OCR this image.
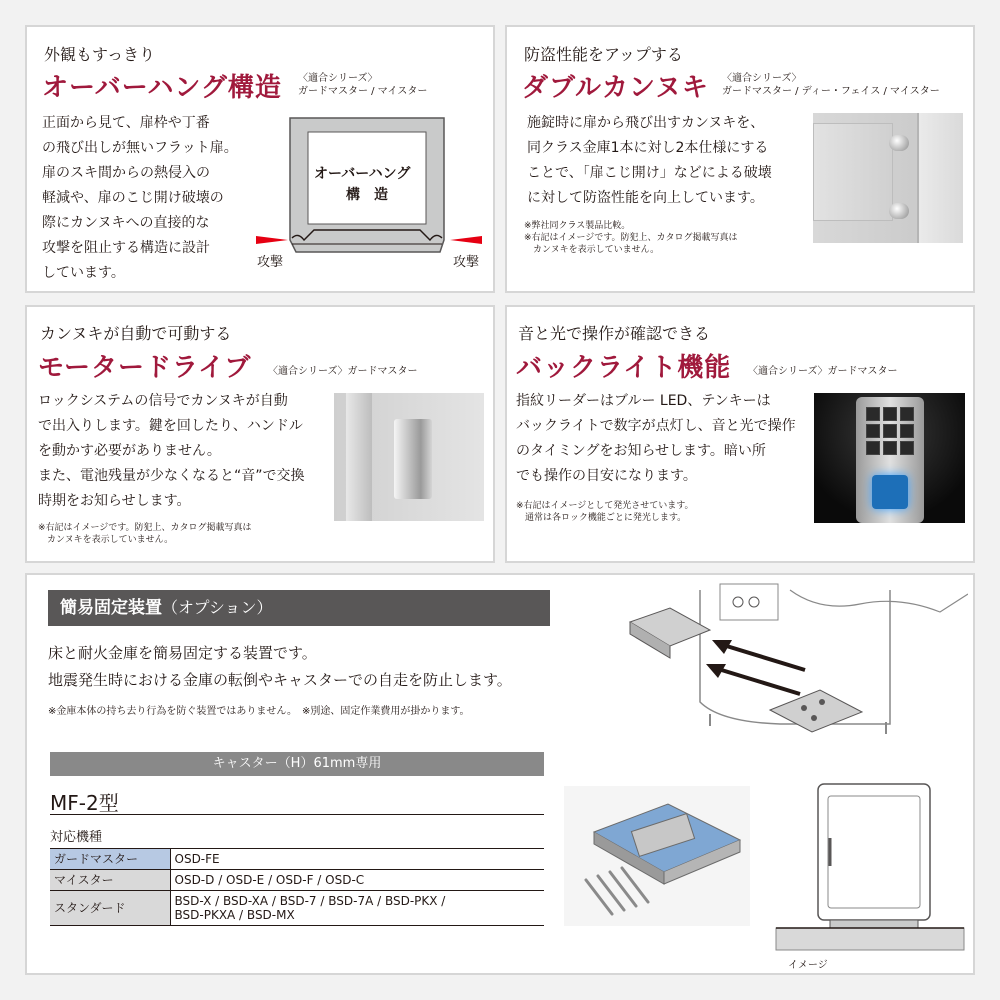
外観もすっきり
オーバーハング構造 〈適合シリーズ〉
ガードマスター / マイスター
正面から見て、扉枠や丁番
の飛び出しが無いフラット扉。
扉のスキ間からの熱侵入の
軽減や、扉のこじ開け破壊の
際にカンヌキへの直接的な
攻撃を阻止する構造に設計
しています。
オーバーハング
構　造
攻撃	攻撃
防盗性能をアップする
ダブルカンヌキ 〈適合シリーズ〉
ガードマスター / ディー・フェイス / マイスター
施錠時に扉から飛び出すカンヌキを、
同クラス金庫1本に対し2本仕様にする
ことで、「扉こじ開け」などによる破壊
に対して防盗性能を向上しています。
※弊社同クラス製品比較。
※右記はイメージです。防犯上、カタログ掲載写真は
　カンヌキを表示していません。
カンヌキが自動で可動する
モータードライブ 〈適合シリーズ〉ガードマスター
ロックシステムの信号でカンヌキが自動
で出入りします。鍵を回したり、ハンドル
を動かす必要がありません。
また、電池残量が少なくなると“音”で交換
時期をお知らせします。
※右記はイメージです。防犯上、カタログ掲載写真は
　カンヌキを表示していません。
音と光で操作が確認できる
バックライト機能 〈適合シリーズ〉ガードマスター
指紋リーダーはブルー LED、テンキーは
バックライトで数字が点灯し、音と光で操作
のタイミングをお知らせします。暗い所
でも操作の目安になります。
※右記はイメージとして発光させています。
　通常は各ロック機能ごとに発光します。
簡易固定装置（オプション）
床と耐火金庫を簡易固定する装置です。
地震発生時における金庫の転倒やキャスターでの自走を防止します。
※金庫本体の持ち去り行為を防ぐ装置ではありません。　※別途、固定作業費用が掛かります。
キャスター（H）61mm専用
MF-2型
対応機種
ガードマスター	OSD-FE

マイスター	OSD-D / OSD-E / OSD-F / OSD-C

スタンダード	BSD-X / BSD-XA / BSD-7 / BSD-7A / BSD-PKX /
BSD-PKXA / BSD-MX
イメージ
